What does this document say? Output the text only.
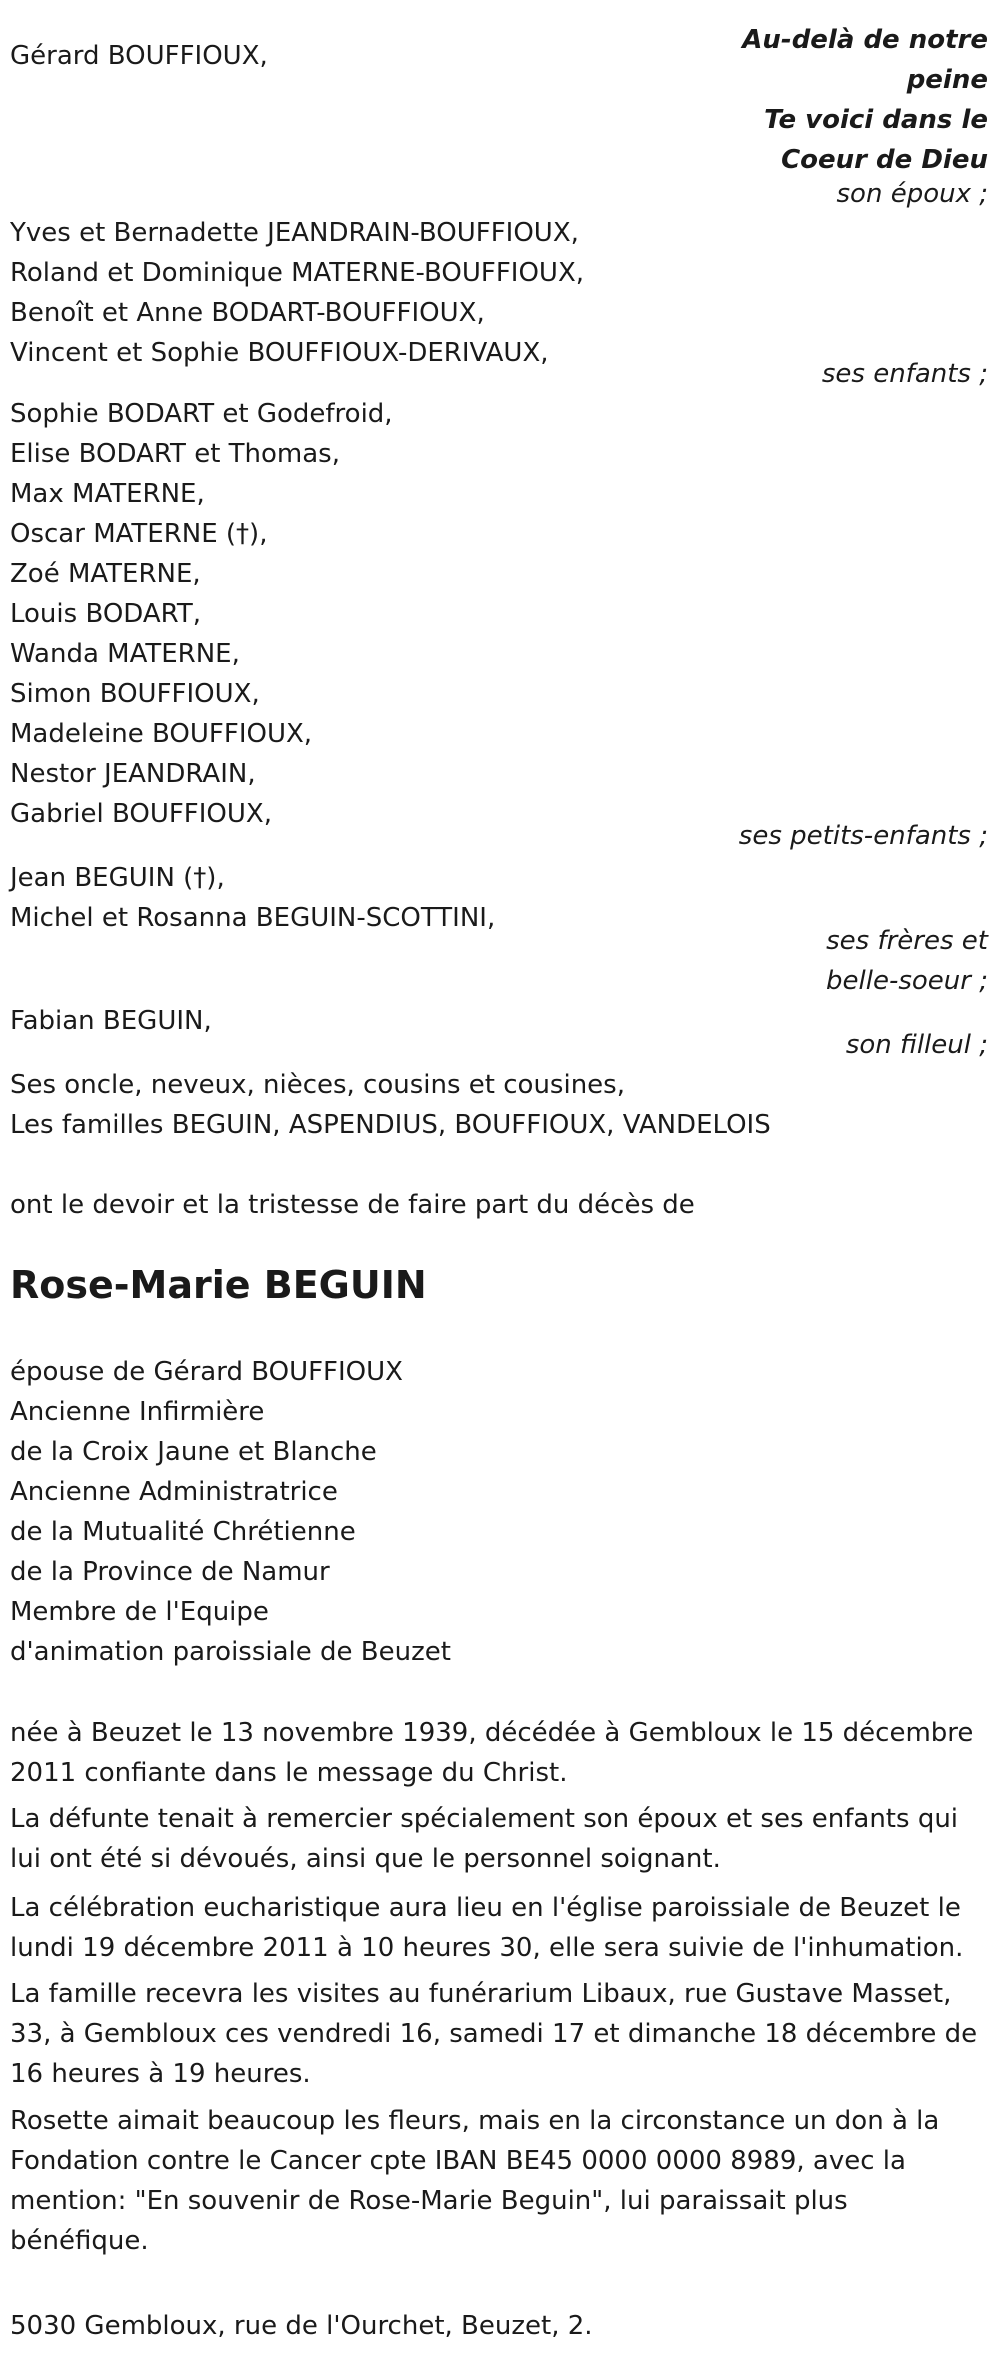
Gérard BOUFFIOUX,
Au-delà de notre
peine
Te voici dans le
Coeur de Dieu
son époux ;
Yves et Bernadette JEANDRAIN-BOUFFIOUX,
Roland et Dominique MATERNE-BOUFFIOUX,
Benoît et Anne BODART-BOUFFIOUX,
Vincent et Sophie BOUFFIOUX-DERIVAUX,
ses enfants ;
Sophie BODART et Godefroid,
Elise BODART et Thomas,
Max MATERNE,
Oscar MATERNE (†),
Zoé MATERNE,
Louis BODART,
Wanda MATERNE,
Simon BOUFFIOUX,
Madeleine BOUFFIOUX,
Nestor JEANDRAIN,
Gabriel BOUFFIOUX,
ses petits-enfants ;
Jean BEGUIN (†),
Michel et Rosanna BEGUIN-SCOTTINI,
ses frères et
belle-soeur ;
Fabian BEGUIN,
son filleul ;
Ses oncle, neveux, nièces, cousins et cousines,
Les familles BEGUIN, ASPENDIUS, BOUFFIOUX, VANDELOIS
ont le devoir et la tristesse de faire part du décès de
Rose-Marie BEGUIN
épouse de Gérard BOUFFIOUX
Ancienne Infirmière
de la Croix Jaune et Blanche
Ancienne Administratrice
de la Mutualité Chrétienne
de la Province de Namur
Membre de l'Equipe
d'animation paroissiale de Beuzet
née à Beuzet le 13 novembre 1939, décédée à Gembloux le 15 décembre 2011 confiante dans le message du Christ.
La défunte tenait à remercier spécialement son époux et ses enfants qui lui ont été si dévoués, ainsi que le personnel soignant.
La célébration eucharistique aura lieu en l'église paroissiale de Beuzet le lundi 19 décembre 2011 à 10 heures 30, elle sera suivie de l'inhumation.
La famille recevra les visites au funérarium Libaux, rue Gustave Masset, 33, à Gembloux ces vendredi 16, samedi 17 et dimanche 18 décembre de 16 heures à 19 heures.
Rosette aimait beaucoup les fleurs, mais en la circonstance un don à la Fondation contre le Cancer cpte IBAN BE45 0000 0000 8989, avec la mention: "En souvenir de Rose-Marie Beguin", lui paraissait plus bénéfique.
5030 Gembloux, rue de l'Ourchet, Beuzet, 2.
